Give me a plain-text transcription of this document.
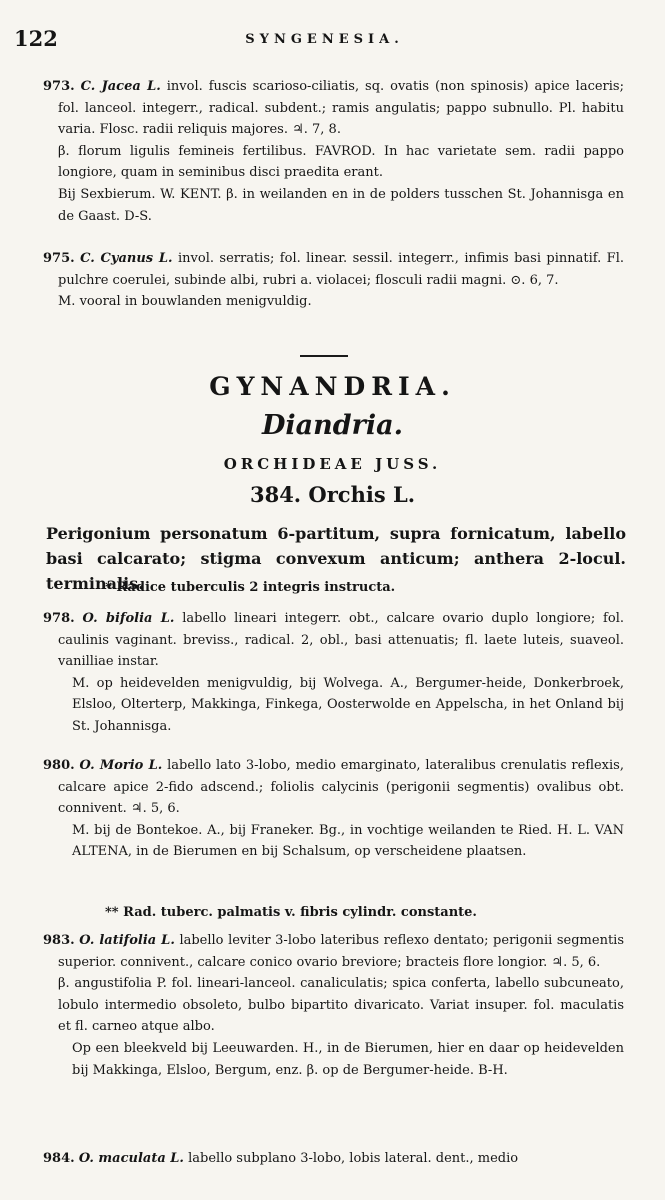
122	SYNGENESIA.

973. C. Jacea L. invol. fuscis scarioso-ciliatis, sq. ovatis (non spinosis) apice laceris; fol. lanceol. integerr., radical. subdent.; ramis angulatis; pappo subnullo. Pl. habitu varia. Flosc. radii reliquis majores. ♃. 7, 8.

β. florum ligulis femineis fertilibus. FAVROD. In hac varietate sem. radii pappo longiore, quam in seminibus disci praedita erant.

Bij Sexbierum. W. KENT. β. in weilanden en in de polders tusschen St. Johannisga en de Gaast. D-S.

975. C. Cyanus L. invol. serratis; fol. linear. sessil. integerr., infimis basi pinnatif. Fl. pulchre coerulei, subinde albi, rubri a. violacei; flosculi radii magni. ⊙. 6, 7.

M. vooral in bouwlanden menigvuldig.

GYNANDRIA.
Diandria.
ORCHIDEAE JUSS.
384. Orchis L.
Perigonium personatum 6-partitum, supra fornicatum, labello basi calcarato; stigma convexum anticum; anthera 2-locul. terminalis.
* Radice tuberculis 2 integris instructa.

978. O. bifolia L. labello lineari integerr. obt., calcare ovario duplo longiore; fol. caulinis vaginant. breviss., radical. 2, obl., basi attenuatis; fl. laete luteis, suaveol. vanilliae instar.

M. op heidevelden menigvuldig, bij Wolvega. A., Bergumer-heide, Donkerbroek, Elsloo, Olterterp, Makkinga, Finkega, Oosterwolde en Appelscha, in het Onland bij St. Johannisga.

980. O. Morio L. labello lato 3-lobo, medio emarginato, lateralibus crenulatis reflexis, calcare apice 2-fido adscend.; foliolis calycinis (perigonii segmentis) ovalibus obt. connivent. ♃. 5, 6.

M. bij de Bontekoe. A., bij Franeker. Bg., in vochtige weilanden te Ried. H. L. VAN ALTENA, in de Bierumen en bij Schalsum, op verscheidene plaatsen.

** Rad. tuberc. palmatis v. fibris cylindr. constante.

983. O. latifolia L. labello leviter 3-lobo lateribus reflexo dentato; perigonii segmentis superior. connivent., calcare conico ovario breviore; bracteis flore longior. ♃. 5, 6.

β. angustifolia P. fol. lineari-lanceol. canaliculatis; spica conferta, labello subcuneato, lobulo intermedio obsoleto, bulbo bipartito divaricato. Variat insuper. fol. maculatis et fl. carneo atque albo.

Op een bleekveld bij Leeuwarden. H., in de Bierumen, hier en daar op heidevelden bij Makkinga, Elsloo, Bergum, enz. β. op de Bergumer-heide. B-H.

984. O. maculata L. labello subplano 3-lobo, lobis lateral. dent., medio
